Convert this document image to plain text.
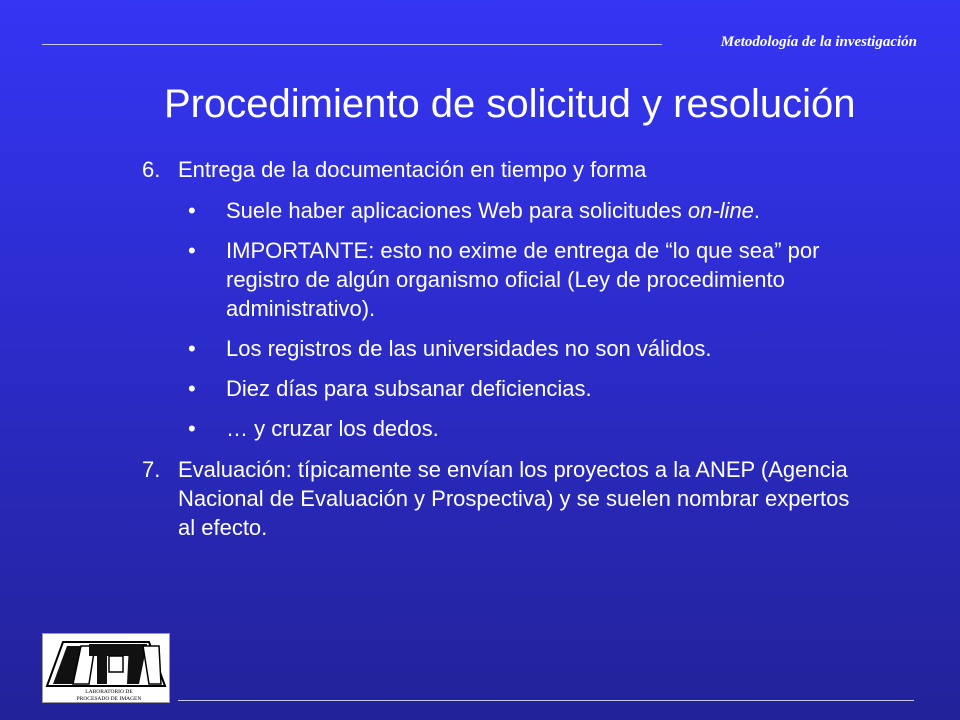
Metodología de la investigación
Procedimiento de solicitud y resolución
6. Entrega de la documentación en tiempo y forma
• Suele haber aplicaciones Web para solicitudes on-line.
• IMPORTANTE: esto no exime de entrega de “lo que sea” por registro de algún organismo oficial (Ley de procedimiento administrativo).
• Los registros de las universidades no son válidos.
• Diez días para subsanar deficiencias.
• … y cruzar los dedos.
7. Evaluación: típicamente se envían los proyectos a la ANEP (Agencia Nacional de Evaluación y Prospectiva) y se suelen nombrar expertos al efecto.
LABORATORIO DE
PROCESADO DE IMAGEN
